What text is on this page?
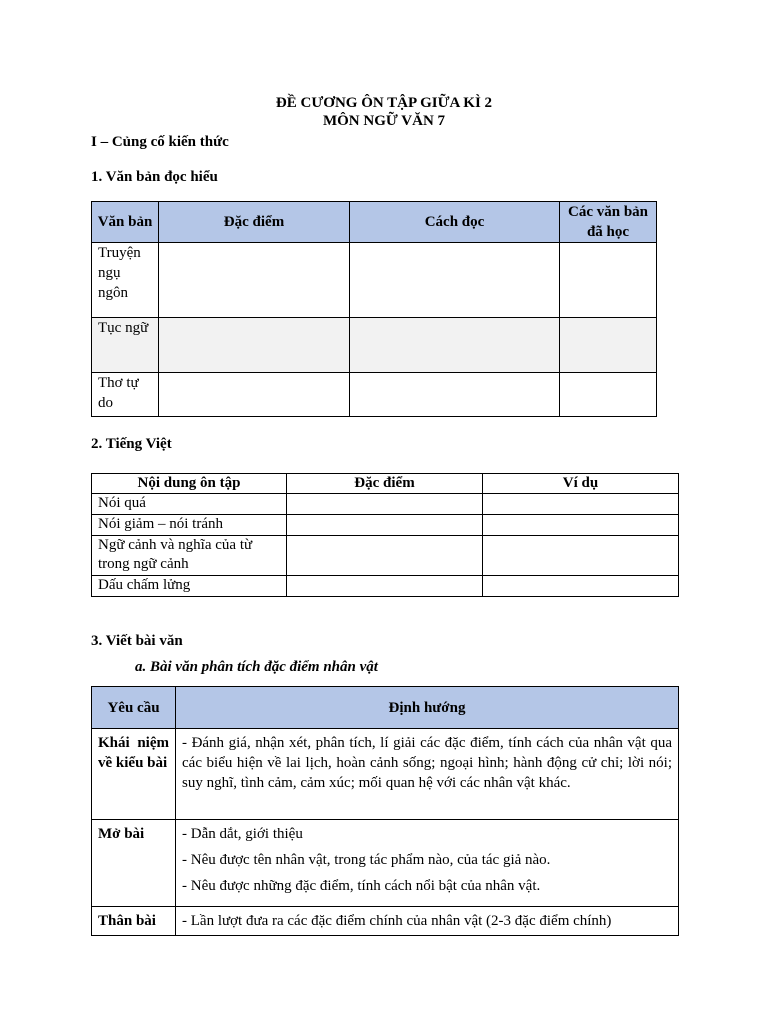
ĐỀ CƯƠNG ÔN TẬP GIỮA KÌ 2
MÔN NGỮ VĂN 7
I – Củng cố kiến thức
1. Văn bản đọc hiểu
Văn bản	Đặc điểm	Cách đọc	Các văn bản đã học
Truyện ngụ ngôn			
Tục ngữ			
Thơ tự do			
2. Tiếng Việt
Nội dung ôn tập	Đặc điểm	Ví dụ
Nói quá		
Nói giảm – nói tránh		
Ngữ cảnh và nghĩa của từ trong ngữ cảnh		
Dấu chấm lửng		
3. Viết bài văn
a. Bài văn phân tích đặc điểm nhân vật
Yêu cầu	Định hướng
Khái niệm về kiểu bài	- Đánh giá, nhận xét, phân tích, lí giải các đặc điểm, tính cách của nhân vật qua các biểu hiện về lai lịch, hoàn cảnh sống; ngoại hình; hành động cử chỉ; lời nói; suy nghĩ, tình cảm, cảm xúc; mối quan hệ với các nhân vật khác.
Mở bài	- Dẫn dắt, giới thiệu

- Nêu được tên nhân vật, trong tác phẩm nào, của tác giả nào.

- Nêu được những đặc điểm, tính cách nổi bật của nhân vật.

Thân bài	- Lần lượt đưa ra các đặc điểm chính của nhân vật (2-3 đặc điểm chính)
